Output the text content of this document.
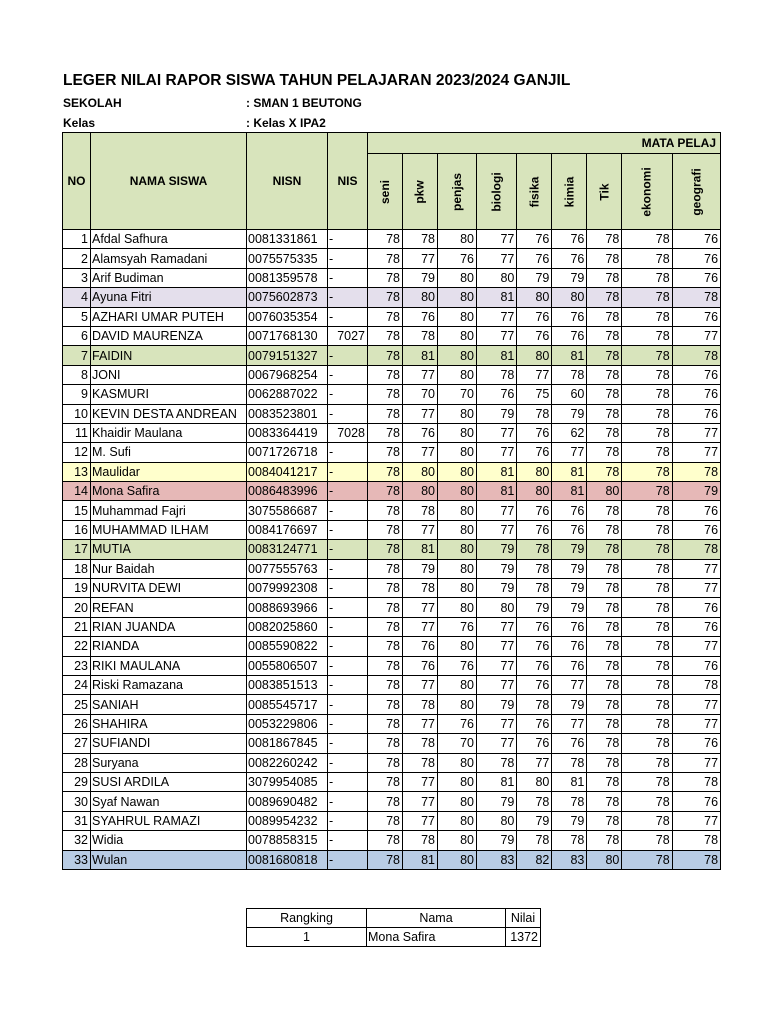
LEGER NILAI RAPOR SISWA TAHUN PELAJARAN 2023/2024 GANJIL
SEKOLAH	: SMAN 1 BEUTONG
Kelas	: Kelas X IPA2
NO	NAMA SISWA	NISN	NIS	MATA PELAJ								
				seni	pkw	penjas	biologi	fisika	kimia	Tik	ekonomi	geografi
1	Afdal Safhura	0081331861	-	78	78	80	77	76	76	78	78	76
2	Alamsyah Ramadani	0075575335	-	78	77	76	77	76	76	78	78	76
3	Arif Budiman	0081359578	-	78	79	80	80	79	79	78	78	76
4	Ayuna Fitri	0075602873	-	78	80	80	81	80	80	78	78	78
5	AZHARI UMAR PUTEH	0076035354	-	78	76	80	77	76	76	78	78	76
6	DAVID MAURENZA	0071768130	7027	78	78	80	77	76	76	78	78	77
7	FAIDIN	0079151327	-	78	81	80	81	80	81	78	78	78
8	JONI	0067968254	-	78	77	80	78	77	78	78	78	76
9	KASMURI	0062887022	-	78	70	70	76	75	60	78	78	76
10	KEVIN DESTA ANDREAN	0083523801	-	78	77	80	79	78	79	78	78	76
11	Khaidir Maulana	0083364419	7028	78	76	80	77	76	62	78	78	77
12	M. Sufi	0071726718	-	78	77	80	77	76	77	78	78	77
13	Maulidar	0084041217	-	78	80	80	81	80	81	78	78	78
14	Mona Safira	0086483996	-	78	80	80	81	80	81	80	78	79
15	Muhammad Fajri	3075586687	-	78	78	80	77	76	76	78	78	76
16	MUHAMMAD ILHAM	0084176697	-	78	77	80	77	76	76	78	78	76
17	MUTIA	0083124771	-	78	81	80	79	78	79	78	78	78
18	Nur Baidah	0077555763	-	78	79	80	79	78	79	78	78	77
19	NURVITA DEWI	0079992308	-	78	78	80	79	78	79	78	78	77
20	REFAN	0088693966	-	78	77	80	80	79	79	78	78	76
21	RIAN JUANDA	0082025860	-	78	77	76	77	76	76	78	78	76
22	RIANDA	0085590822	-	78	76	80	77	76	76	78	78	77
23	RIKI MAULANA	0055806507	-	78	76	76	77	76	76	78	78	76
24	Riski Ramazana	0083851513	-	78	77	80	77	76	77	78	78	78
25	SANIAH	0085545717	-	78	78	80	79	78	79	78	78	77
26	SHAHIRA	0053229806	-	78	77	76	77	76	77	78	78	77
27	SUFIANDI	0081867845	-	78	78	70	77	76	76	78	78	76
28	Suryana	0082260242	-	78	78	80	78	77	78	78	78	77
29	SUSI ARDILA	3079954085	-	78	77	80	81	80	81	78	78	78
30	Syaf Nawan	0089690482	-	78	77	80	79	78	78	78	78	76
31	SYAHRUL RAMAZI	0089954232	-	78	77	80	80	79	79	78	78	77
32	Widia	0078858315	-	78	78	80	79	78	78	78	78	78
33	Wulan	0081680818	-	78	81	80	83	82	83	80	78	78
Rangking	Nama	Nilai
1	Mona Safira	1372
